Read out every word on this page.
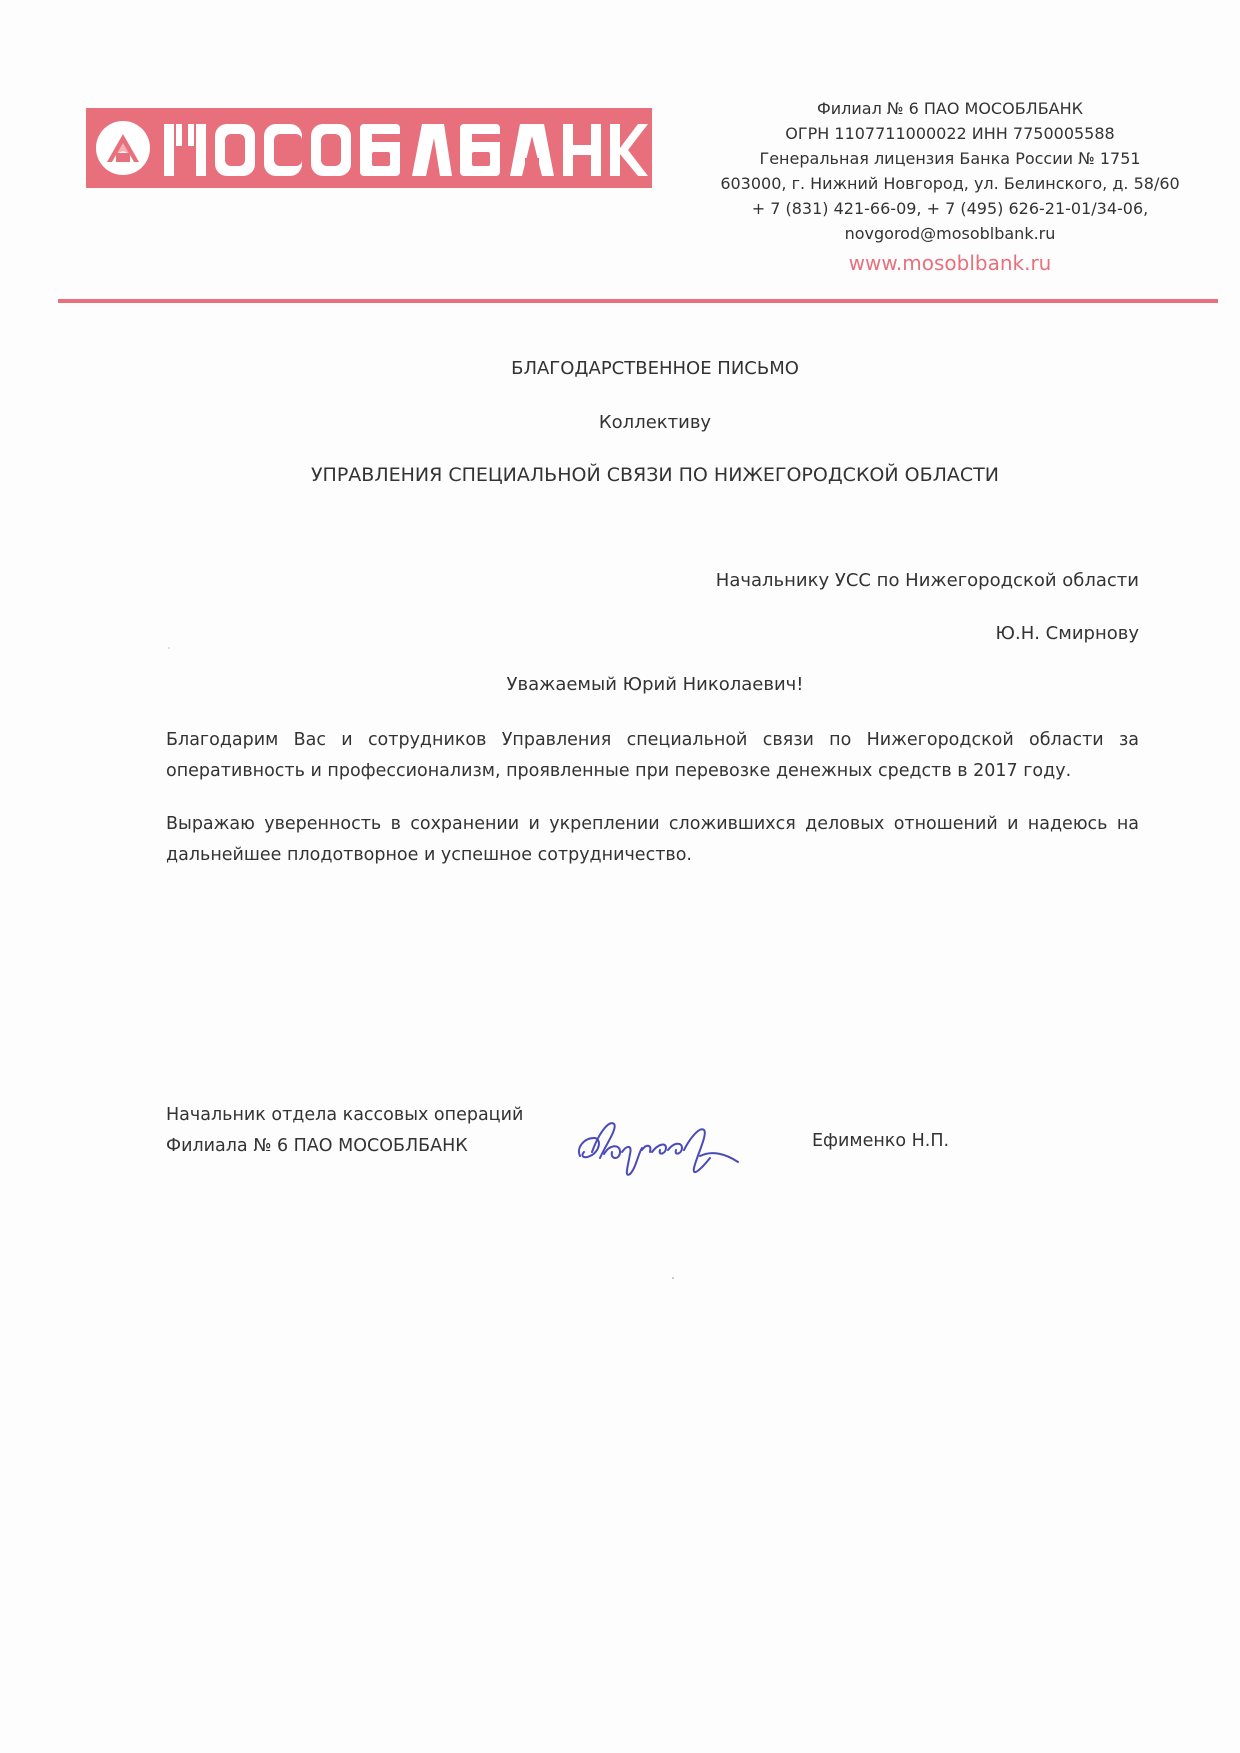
Филиал № 6 ПАО МОСОБЛБАНК
ОГРН 1107711000022 ИНН 7750005588
Генеральная лицензия Банка России № 1751
603000, г. Нижний Новгород, ул. Белинского, д. 58/60
+ 7 (831) 421-66-09, + 7 (495) 626-21-01/34-06,
novgorod@mosoblbank.ru
www.mosoblbank.ru
БЛАГОДАРСТВЕННОЕ ПИСЬМО
Коллективу
УПРАВЛЕНИЯ СПЕЦИАЛЬНОЙ СВЯЗИ ПО НИЖЕГОРОДСКОЙ ОБЛАСТИ
Начальнику УСС по Нижегородской области
Ю.Н. Смирнову
Уважаемый Юрий Николаевич!
Благодарим Вас и сотрудников Управления специальной связи по Нижегородской области за оперативность и профессионализм, проявленные при перевозке денежных средств в 2017 году.
Выражаю уверенность в сохранении и укреплении сложившихся деловых отношений и надеюсь на дальнейшее плодотворное и успешное сотрудничество.
Начальник отдела кассовых операций
Филиала № 6 ПАО МОСОБЛБАНК	Ефименко Н.П.
